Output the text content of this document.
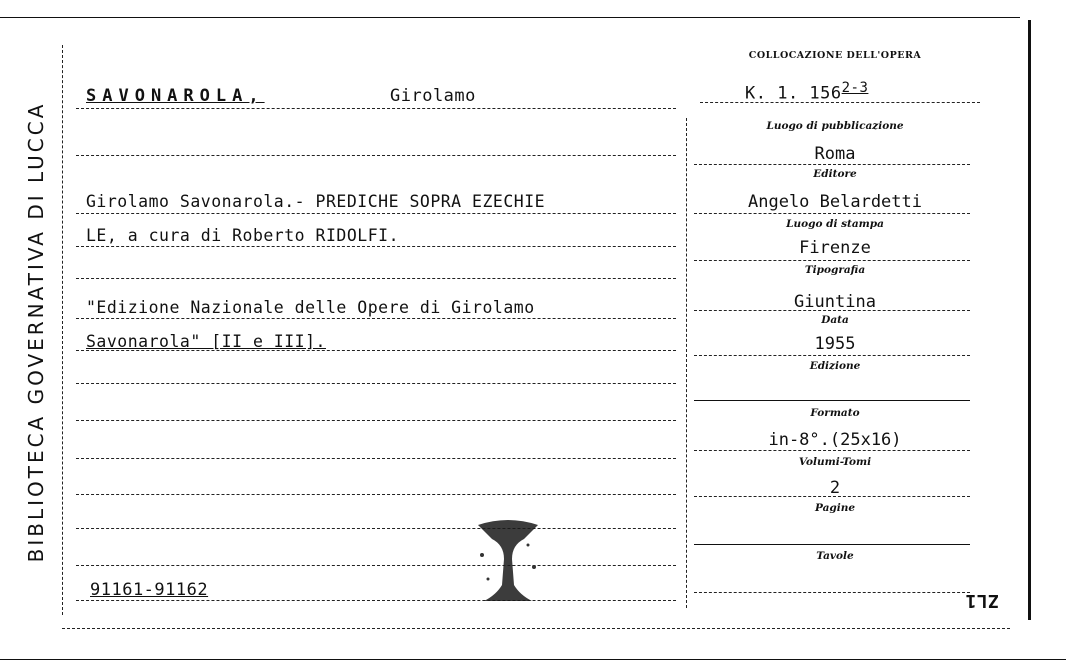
BIBLIOTECA GOVERNATIVA DI LUCCA
COLLOCAZIONE DELL'OPERA
K. 1. 156$^{2-3}$
SAVONAROLA,	Girolamo
Girolamo Savonarola.- PREDICHE SOPRA EZECHIE
LE, a cura di Roberto RIDOLFI.
"Edizione Nazionale delle Opere di Girolamo
Savonarola" [II e III].
91161-91162	ZL1
Luogo di pubblicazione
Roma
Editore
Angelo Belardetti
Luogo di stampa
Firenze
Tipografia
Giuntina
Data
1955
Edizione
Formato
in-8°.(25x16)
Volumi-Tomi
2
Pagine
Tavole
